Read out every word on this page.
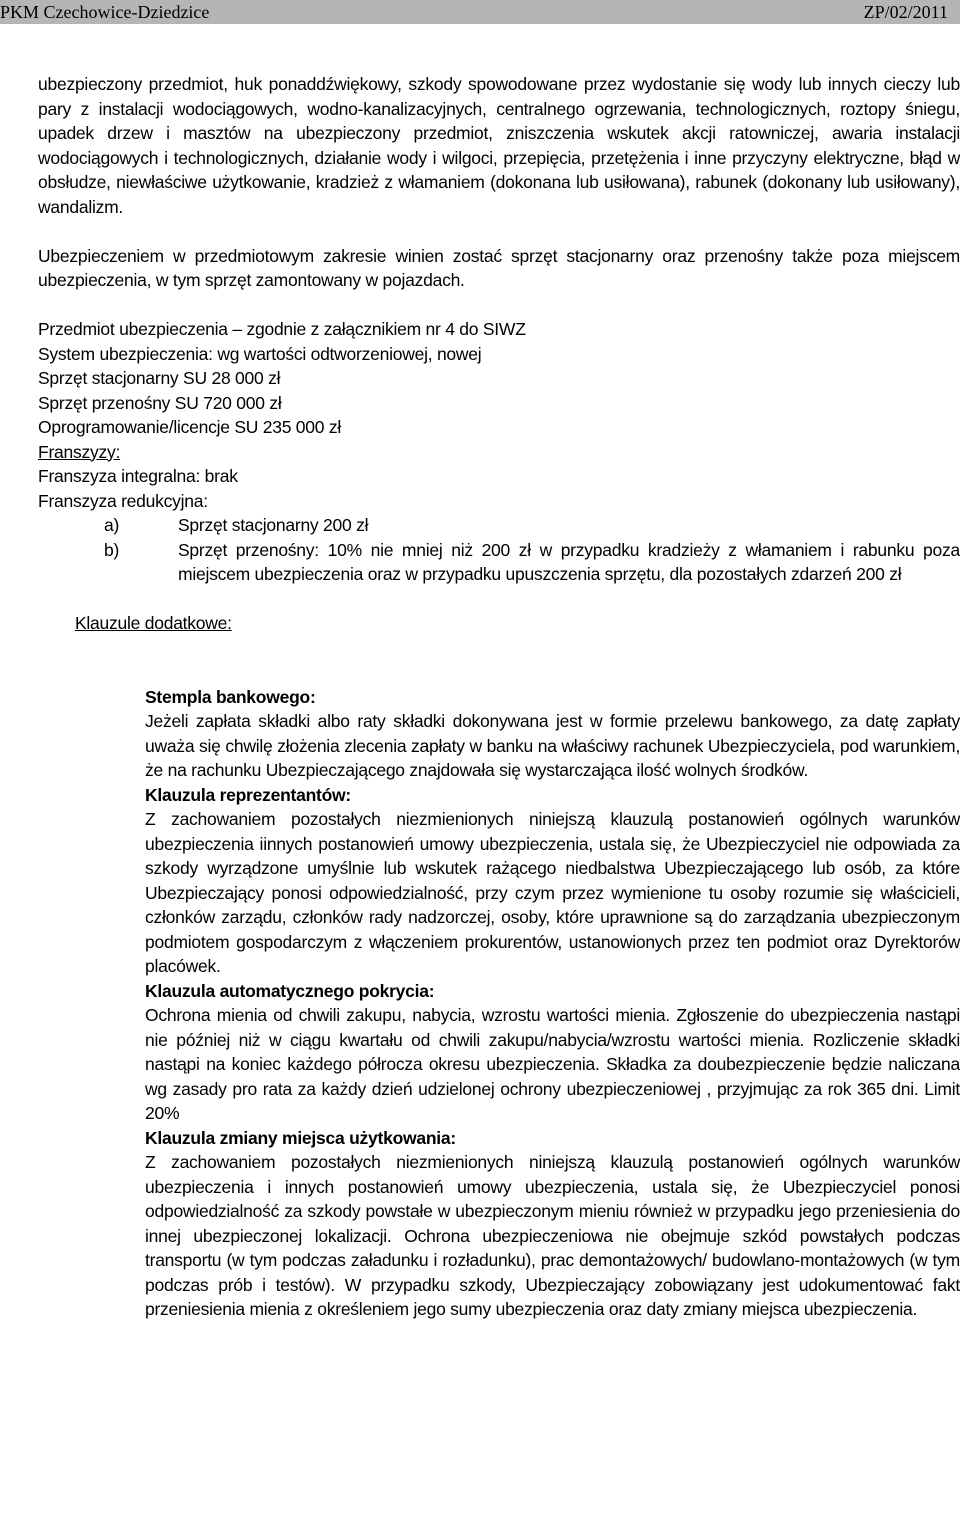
PKM Czechowice-Dziedzice	ZP/02/2011

ubezpieczony przedmiot, huk ponaddźwiękowy, szkody spowodowane przez wydostanie się wody lub innych cieczy lub pary z instalacji wodociągowych, wodno-kanalizacyjnych, centralnego ogrzewania, technologicznych, roztopy śniegu, upadek drzew i masztów na ubezpieczony przedmiot, zniszczenia wskutek akcji ratowniczej, awaria instalacji wodociągowych i technologicznych, działanie wody i wilgoci, przepięcia, przetężenia i inne przyczyny elektryczne, błąd w obsłudze, niewłaściwe użytkowanie, kradzież z włamaniem (dokonana lub usiłowana), rabunek (dokonany lub usiłowany), wandalizm.

Ubezpieczeniem w przedmiotowym zakresie winien zostać sprzęt stacjonarny oraz przenośny także poza miejscem ubezpieczenia, w tym sprzęt zamontowany w pojazdach.

Przedmiot ubezpieczenia – zgodnie z załącznikiem nr 4 do SIWZ

System ubezpieczenia: wg wartości odtworzeniowej, nowej

Sprzęt stacjonarny SU 28 000 zł

Sprzęt przenośny SU 720 000 zł

Oprogramowanie/licencje SU 235 000 zł

Franszyzy:

Franszyza integralna: brak

Franszyza redukcyjna:

a)	Sprzęt stacjonarny 200 zł
b)	Sprzęt przenośny: 10% nie mniej niż 200 zł w przypadku kradzieży z włamaniem i rabunku poza miejscem ubezpieczenia oraz w przypadku upuszczenia sprzętu, dla pozostałych zdarzeń 200 zł

Klauzule dodatkowe:

Stempla bankowego:

Jeżeli zapłata składki albo raty składki dokonywana jest w formie przelewu bankowego, za datę zapłaty uważa się chwilę złożenia zlecenia zapłaty w banku na właściwy rachunek Ubezpieczyciela, pod warunkiem, że na rachunku Ubezpieczającego znajdowała się wystarczająca ilość wolnych środków.

Klauzula reprezentantów:

Z zachowaniem pozostałych niezmienionych niniejszą klauzulą postanowień ogólnych warunków ubezpieczenia iinnych postanowień umowy ubezpieczenia, ustala się, że Ubezpieczyciel nie odpowiada za szkody wyrządzone umyślnie lub wskutek rażącego niedbalstwa Ubezpieczającego lub osób, za które Ubezpieczający ponosi odpowiedzialność, przy czym przez wymienione tu osoby rozumie się właścicieli, członków zarządu, członków rady nadzorczej, osoby, które uprawnione są do zarządzania ubezpieczonym podmiotem gospodarczym z włączeniem prokurentów, ustanowionych przez ten podmiot oraz Dyrektorów placówek.

Klauzula automatycznego pokrycia:

Ochrona mienia od chwili zakupu, nabycia, wzrostu wartości mienia. Zgłoszenie do ubezpieczenia nastąpi nie później niż w ciągu kwartału od chwili zakupu/nabycia/wzrostu wartości mienia. Rozliczenie składki nastąpi na koniec każdego półrocza okresu ubezpieczenia. Składka za doubezpieczenie będzie naliczana wg zasady pro rata za każdy dzień udzielonej ochrony ubezpieczeniowej , przyjmując za rok 365 dni. Limit 20%

Klauzula zmiany miejsca użytkowania:

Z zachowaniem pozostałych niezmienionych niniejszą klauzulą postanowień ogólnych warunków ubezpieczenia i innych postanowień umowy ubezpieczenia, ustala się, że Ubezpieczyciel ponosi odpowiedzialność za szkody powstałe w ubezpieczonym mieniu również w przypadku jego przeniesienia do innej ubezpieczonej lokalizacji. Ochrona ubezpieczeniowa nie obejmuje szkód powstałych podczas transportu (w tym podczas załadunku i rozładunku), prac demontażowych/ budowlano-montażowych (w tym podczas prób i testów). W przypadku szkody, Ubezpieczający zobowiązany jest udokumentować fakt przeniesienia mienia z określeniem jego sumy ubezpieczenia oraz daty zmiany miejsca ubezpieczenia.
